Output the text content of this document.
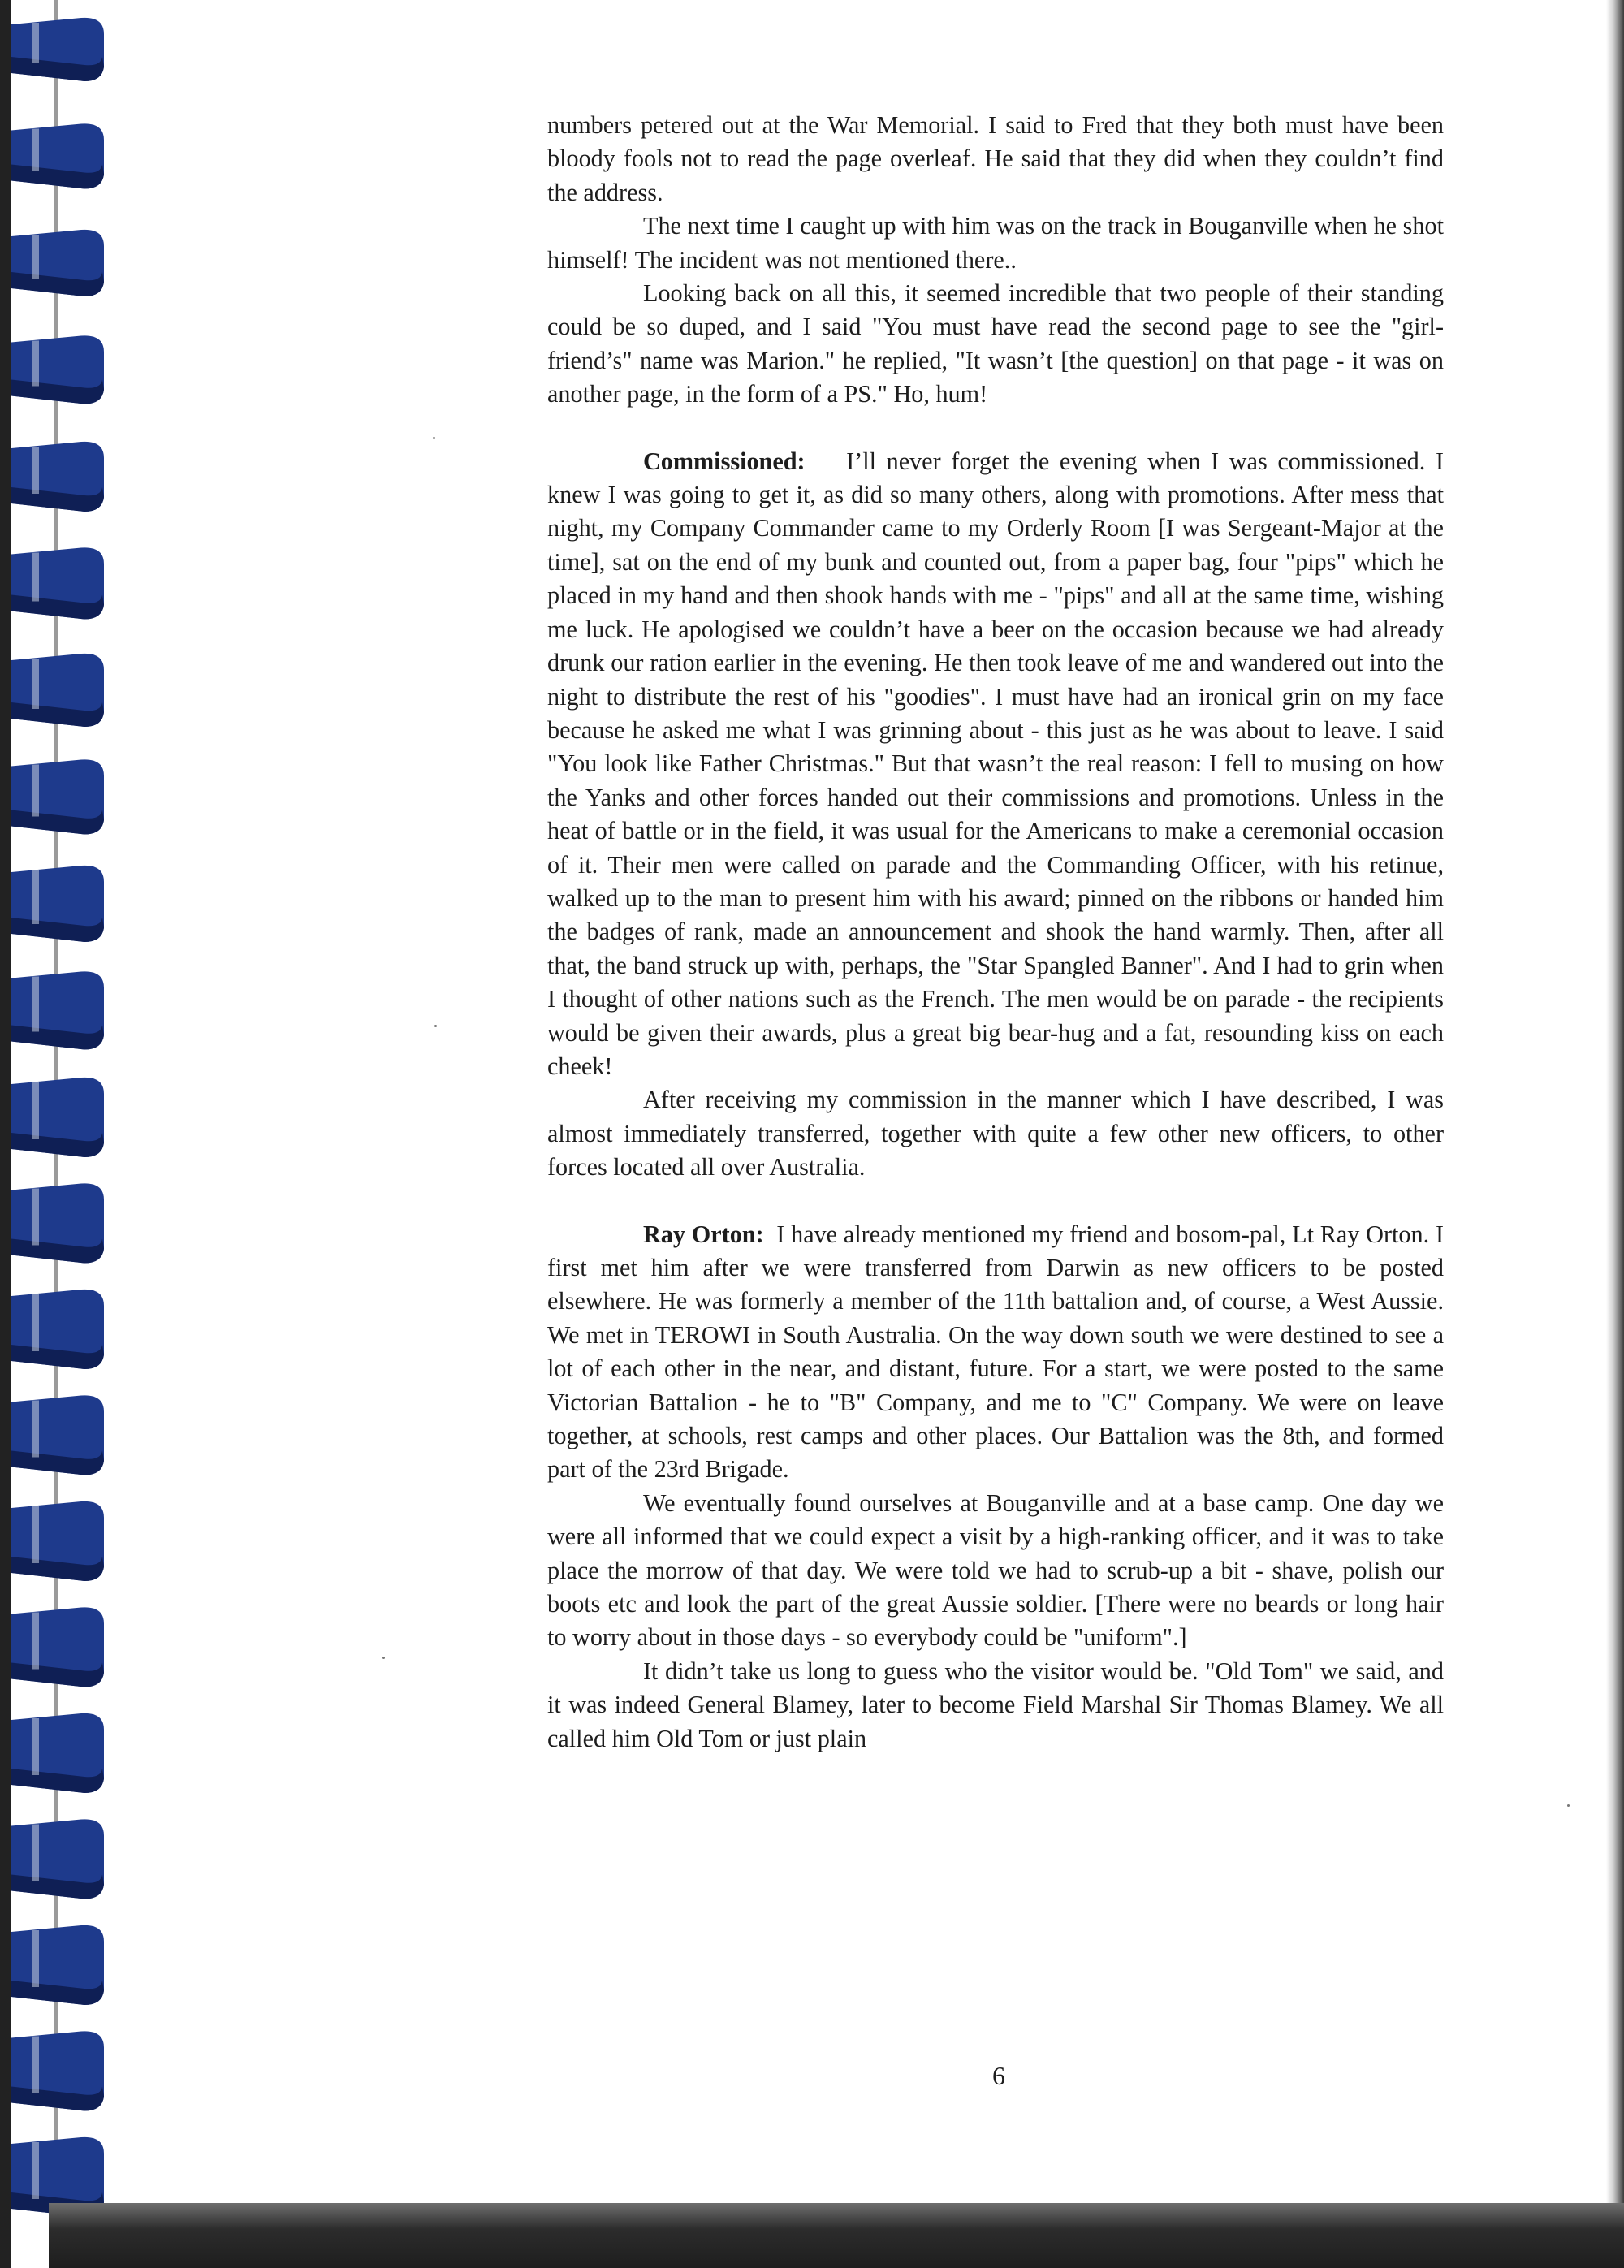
numbers petered out at the War Memorial. I said to Fred that they both must have been bloody fools not to read the page overleaf. He said that they did when they couldn’t find the address.

The next time I caught up with him was on the track in Bouganville when he shot himself! The incident was not mentioned there..

Looking back on all this, it seemed incredible that two people of their standing could be so duped, and I said "You must have read the second page to see the "girl-friend’s" name was Marion." he replied, "It wasn’t [the question] on that page - it was on another page, in the form of a PS." Ho, hum!

Commissioned: I’ll never forget the evening when I was commissioned. I knew I was going to get it, as did so many others, along with promotions. After mess that night, my Company Commander came to my Orderly Room [I was Sergeant-Major at the time], sat on the end of my bunk and counted out, from a paper bag, four "pips" which he placed in my hand and then shook hands with me - "pips" and all at the same time, wishing me luck. He apologised we couldn’t have a beer on the occasion because we had already drunk our ration earlier in the evening. He then took leave of me and wandered out into the night to distribute the rest of his "goodies". I must have had an ironical grin on my face because he asked me what I was grinning about - this just as he was about to leave. I said "You look like Father Christmas." But that wasn’t the real reason: I fell to musing on how the Yanks and other forces handed out their commissions and promotions. Unless in the heat of battle or in the field, it was usual for the Americans to make a ceremonial occasion of it. Their men were called on parade and the Commanding Officer, with his retinue, walked up to the man to present him with his award; pinned on the ribbons or handed him the badges of rank, made an announcement and shook the hand warmly. Then, after all that, the band struck up with, perhaps, the "Star Spangled Banner". And I had to grin when I thought of other nations such as the French. The men would be on parade - the recipients would be given their awards, plus a great big bear-hug and a fat, resounding kiss on each cheek!

After receiving my commission in the manner which I have described, I was almost immediately transferred, together with quite a few other new officers, to other forces located all over Australia.

Ray Orton: I have already mentioned my friend and bosom-pal, Lt Ray Orton. I first met him after we were transferred from Darwin as new officers to be posted elsewhere. He was formerly a member of the 11th battalion and, of course, a West Aussie. We met in TEROWI in South Australia. On the way down south we were destined to see a lot of each other in the near, and distant, future. For a start, we were posted to the same Victorian Battalion - he to "B" Company, and me to "C" Company. We were on leave together, at schools, rest camps and other places. Our Battalion was the 8th, and formed part of the 23rd Brigade.

We eventually found ourselves at Bouganville and at a base camp. One day we were all informed that we could expect a visit by a high-ranking officer, and it was to take place the morrow of that day. We were told we had to scrub-up a bit - shave, polish our boots etc and look the part of the great Aussie soldier. [There were no beards or long hair to worry about in those days - so everybody could be "uniform".]

It didn’t take us long to guess who the visitor would be. "Old Tom" we said, and it was indeed General Blamey, later to become Field Marshal Sir Thomas Blamey. We all called him Old Tom or just plain

6
